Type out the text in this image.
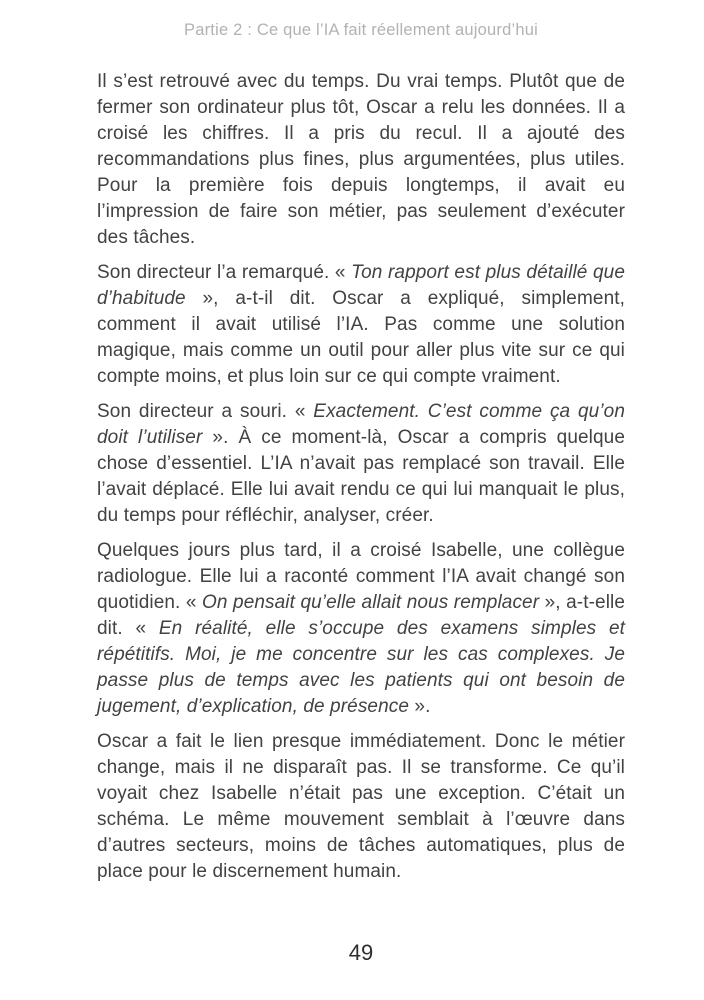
Partie 2 : Ce que l’IA fait réellement aujourd’hui

Il s’est retrouvé avec du temps. Du vrai temps. Plutôt que de fermer son ordinateur plus tôt, Oscar a relu les données. Il a croisé les chiffres. Il a pris du recul. Il a ajouté des recommandations plus fines, plus argumentées, plus utiles. Pour la première fois depuis longtemps, il avait eu l’impression de faire son métier, pas seulement d’exécuter des tâches.

Son directeur l’a remarqué. « Ton rapport est plus détaillé que d’habitude », a-t-il dit. Oscar a expliqué, simplement, comment il avait utilisé l’IA. Pas comme une solution magique, mais comme un outil pour aller plus vite sur ce qui compte moins, et plus loin sur ce qui compte vraiment.

Son directeur a souri. « Exactement. C’est comme ça qu’on doit l’utiliser ». À ce moment-là, Oscar a compris quelque chose d’essentiel. L’IA n’avait pas remplacé son travail. Elle l’avait déplacé. Elle lui avait rendu ce qui lui manquait le plus, du temps pour réfléchir, analyser, créer.

Quelques jours plus tard, il a croisé Isabelle, une collègue radiologue. Elle lui a raconté comment l’IA avait changé son quotidien. « On pensait qu’elle allait nous remplacer », a-t-elle dit. « En réalité, elle s’occupe des examens simples et répétitifs. Moi, je me concentre sur les cas complexes. Je passe plus de temps avec les patients qui ont besoin de jugement, d’explication, de présence ».

Oscar a fait le lien presque immédiatement. Donc le métier change, mais il ne disparaît pas. Il se transforme. Ce qu’il voyait chez Isabelle n’était pas une exception. C’était un schéma. Le même mouvement semblait à l’œuvre dans d’autres secteurs, moins de tâches automatiques, plus de place pour le discernement humain.

49
